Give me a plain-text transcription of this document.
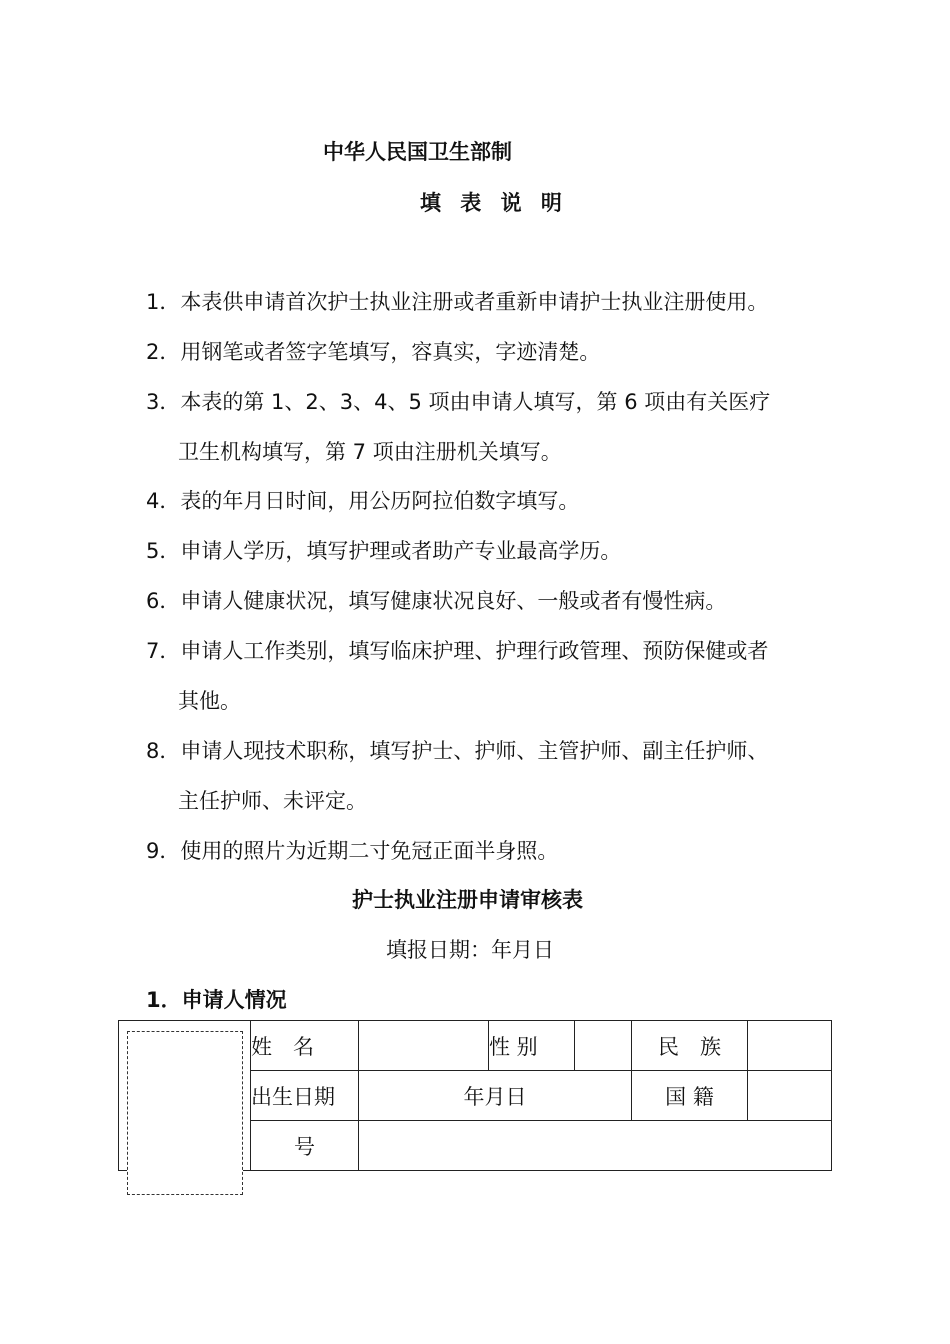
中华人民国卫生部制
填 表 说 明
1．本表供申请首次护士执业注册或者重新申请护士执业注册使用。
2．用钢笔或者签字笔填写，容真实，字迹清楚。
3．本表的第 1、2、3、4、5 项由申请人填写，第 6 项由有关医疗
卫生机构填写，第 7 项由注册机关填写。
4．表的年月日时间，用公历阿拉伯数字填写。
5．申请人学历，填写护理或者助产专业最高学历。
6．申请人健康状况，填写健康状况良好、一般或者有慢性病。
7．申请人工作类别，填写临床护理、护理行政管理、预防保健或者
其他。
8．申请人现技术职称，填写护士、护师、主管护师、副主任护师、
主任护师、未评定。
9．使用的照片为近期二寸免冠正面半身照。
护士执业注册申请审核表
填报日期：年月日
1．申请人情况
	姓　名		性 别		民　族	
	出生日期	年月日			国 籍	
	号					
